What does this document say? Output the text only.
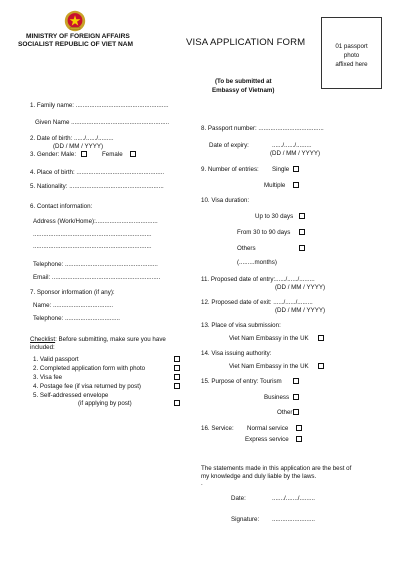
MINISTRY OF FOREIGN AFFAIRS
SOCIALIST REPUBLIC OF VIET NAM	VISA APPLICATION FORM	01 passport
photo
affixed here
(To be submitted at
Embassy of Vietnam)
1. Family name: ......................................................
Given Name .........................................................
2. Date of birth: ....../....../.........
(DD / MM / YYYY)
3. Gender: Male:	Female
4. Place of birth: ...................................................
5. Nationality: .......................................................
6. Contact information:
Address (Work/Home):....................................
.....................................................................
.....................................................................
Telephone: ......................................................
Email: ...............................................................
7. Sponsor information (if any):
Name: ...................................
Telephone: ................................
Checklist: Before submitting, make sure you have
included:
1. Valid passport
2. Completed application form with photo
3. Visa fee
4. Postage fee (if visa returned by post)
5. Self-addressed envelope
(if applying by post)
8. Passport number: ......................................
Date of expiry:	....../....../.........
(DD / MM / YYYY)
9. Number of entries: Single
Multiple
10. Visa duration:
Up to 30 days
From 30 to 90 days
Others
(.........months)
11. Proposed date of entry:....../....../.........
(DD / MM / YYYY)
12. Proposed date of exit: ....../....../.........
(DD / MM / YYYY)
13. Place of visa submission:
Viet Nam Embassy in the UK
14. Visa issuing authority:
Viet Nam Embassy in the UK
15. Purpose of entry: Tourism
Business
Other
16. Service: Normal service
Express service
The statements made in this application are the best of
my knowledge and duly liable by the laws.
.
Date:	......./......./.........
Signature: .........................
